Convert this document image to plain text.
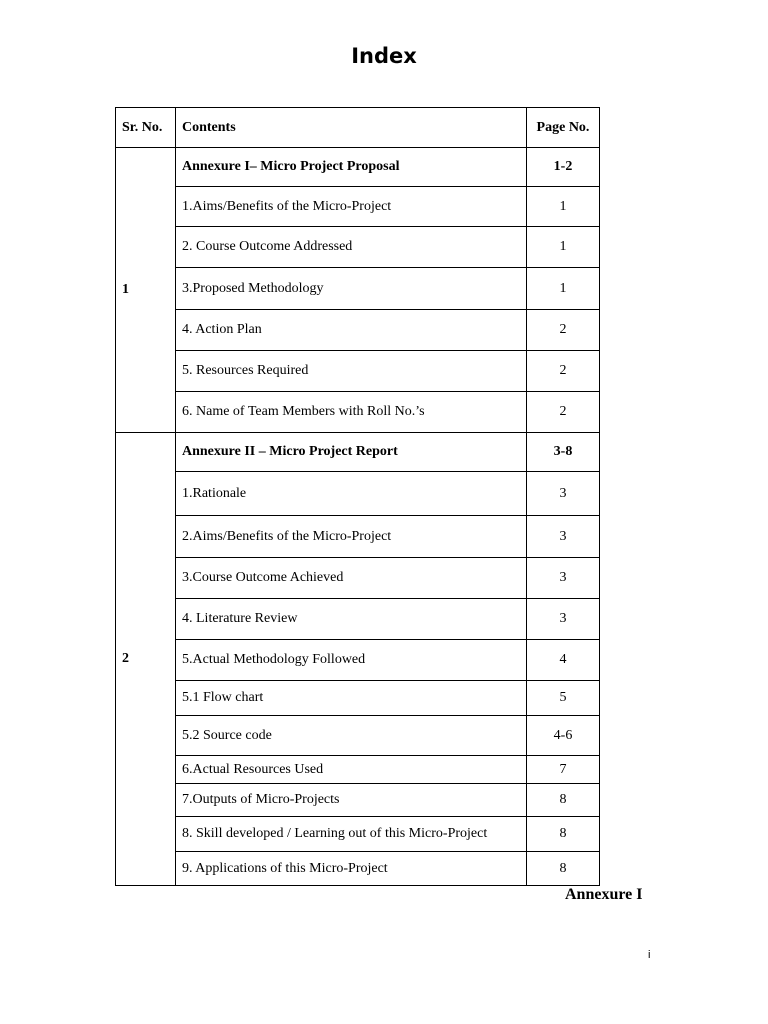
Index
Sr. No.	Contents	Page No.
1	Annexure I– Micro Project Proposal	1-2
	1.Aims/Benefits of the Micro-Project	1
	2. Course Outcome Addressed	1
	3.Proposed Methodology	1
	4. Action Plan	2
	5. Resources Required	2
	6. Name of Team Members with Roll No.’s	2
2	Annexure II – Micro Project Report	3-8
	1.Rationale	3
	2.Aims/Benefits of the Micro-Project	3
	3.Course Outcome Achieved	3
	4. Literature Review	3
	5.Actual Methodology Followed	4
	5.1 Flow chart	5
	5.2 Source code	4-6
	6.Actual Resources Used	7
	7.Outputs of Micro-Projects	8
	8. Skill developed / Learning out of this Micro-Project	8
	9. Applications of this Micro-Project	8
Annexure I
i
